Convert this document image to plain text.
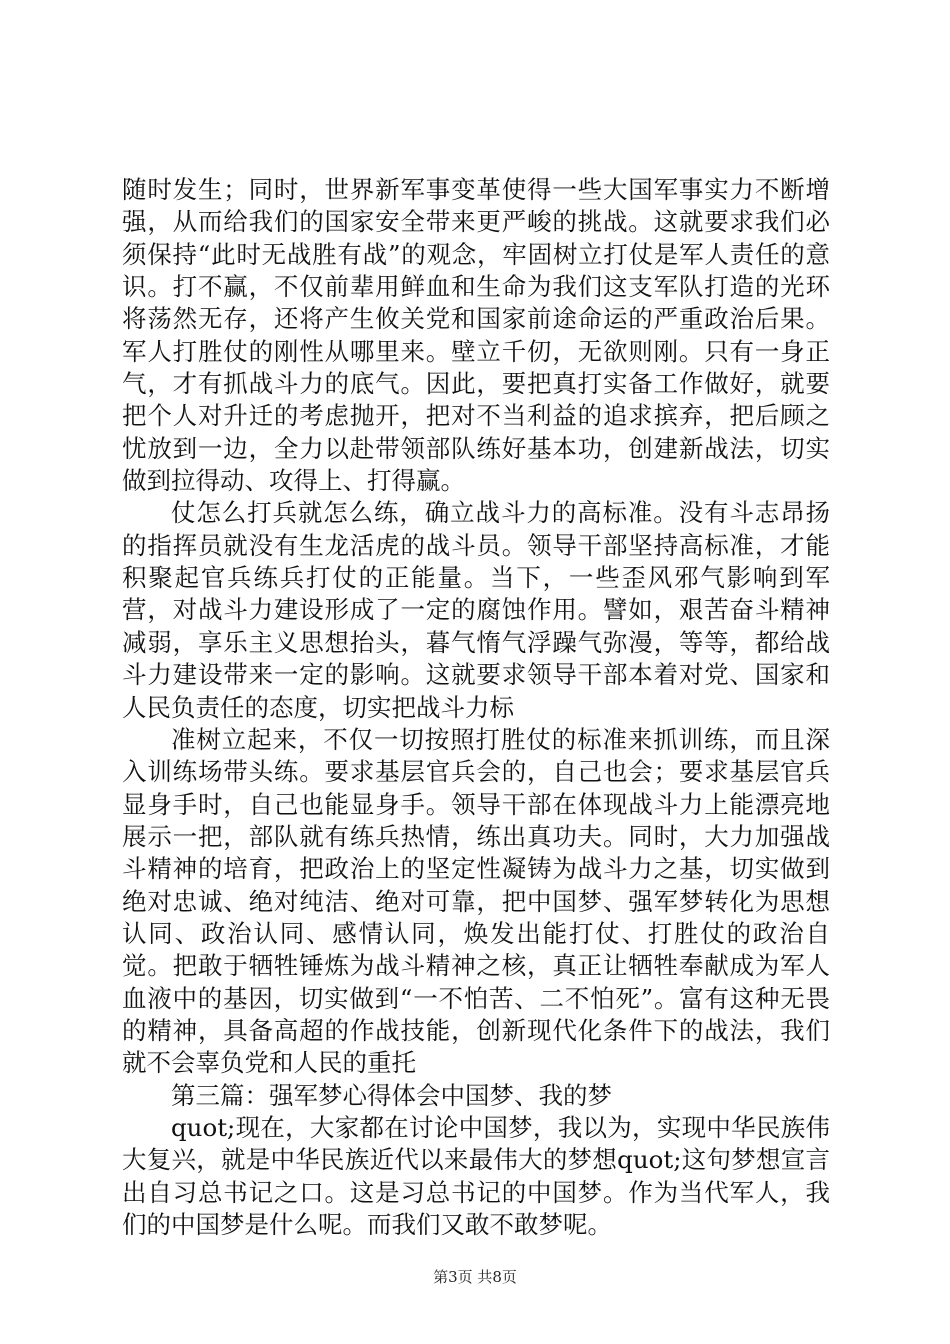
随时发生；同时，世界新军事变革使得一些大国军事实力不断增强，从而给我们的国家安全带来更严峻的挑战。这就要求我们必须保持“此时无战胜有战”的观念，牢固树立打仗是军人责任的意识。打不赢，不仅前辈用鲜血和生命为我们这支军队打造的光环将荡然无存，还将产生攸关党和国家前途命运的严重政治后果。军人打胜仗的刚性从哪里来。壁立千仞，无欲则刚。只有一身正气，才有抓战斗力的底气。因此，要把真打实备工作做好，就要把个人对升迁的考虑抛开，把对不当利益的追求摈弃，把后顾之忧放到一边，全力以赴带领部队练好基本功，创建新战法，切实做到拉得动、攻得上、打得赢。

仗怎么打兵就怎么练，确立战斗力的高标准。没有斗志昂扬的指挥员就没有生龙活虎的战斗员。领导干部坚持高标准，才能积聚起官兵练兵打仗的正能量。当下，一些歪风邪气影响到军营，对战斗力建设形成了一定的腐蚀作用。譬如，艰苦奋斗精神减弱，享乐主义思想抬头，暮气惰气浮躁气弥漫，等等，都给战斗力建设带来一定的影响。这就要求领导干部本着对党、国家和人民负责任的态度，切实把战斗力标

准树立起来，不仅一切按照打胜仗的标准来抓训练，而且深入训练场带头练。要求基层官兵会的，自己也会；要求基层官兵显身手时，自己也能显身手。领导干部在体现战斗力上能漂亮地展示一把，部队就有练兵热情，练出真功夫。同时，大力加强战斗精神的培育，把政治上的坚定性凝铸为战斗力之基，切实做到绝对忠诚、绝对纯洁、绝对可靠，把中国梦、强军梦转化为思想认同、政治认同、感情认同，焕发出能打仗、打胜仗的政治自觉。把敢于牺牲锤炼为战斗精神之核，真正让牺牲奉献成为军人血液中的基因，切实做到“一不怕苦、二不怕死”。富有这种无畏的精神，具备高超的作战技能，创新现代化条件下的战法，我们就不会辜负党和人民的重托

第三篇：强军梦心得体会中国梦、我的梦

quot;现在，大家都在讨论中国梦，我以为，实现中华民族伟大复兴，就是中华民族近代以来最伟大的梦想quot;这句梦想宣言出自习总书记之口。这是习总书记的中国梦。作为当代军人，我们的中国梦是什么呢。而我们又敢不敢梦呢。

第3页 共8页
